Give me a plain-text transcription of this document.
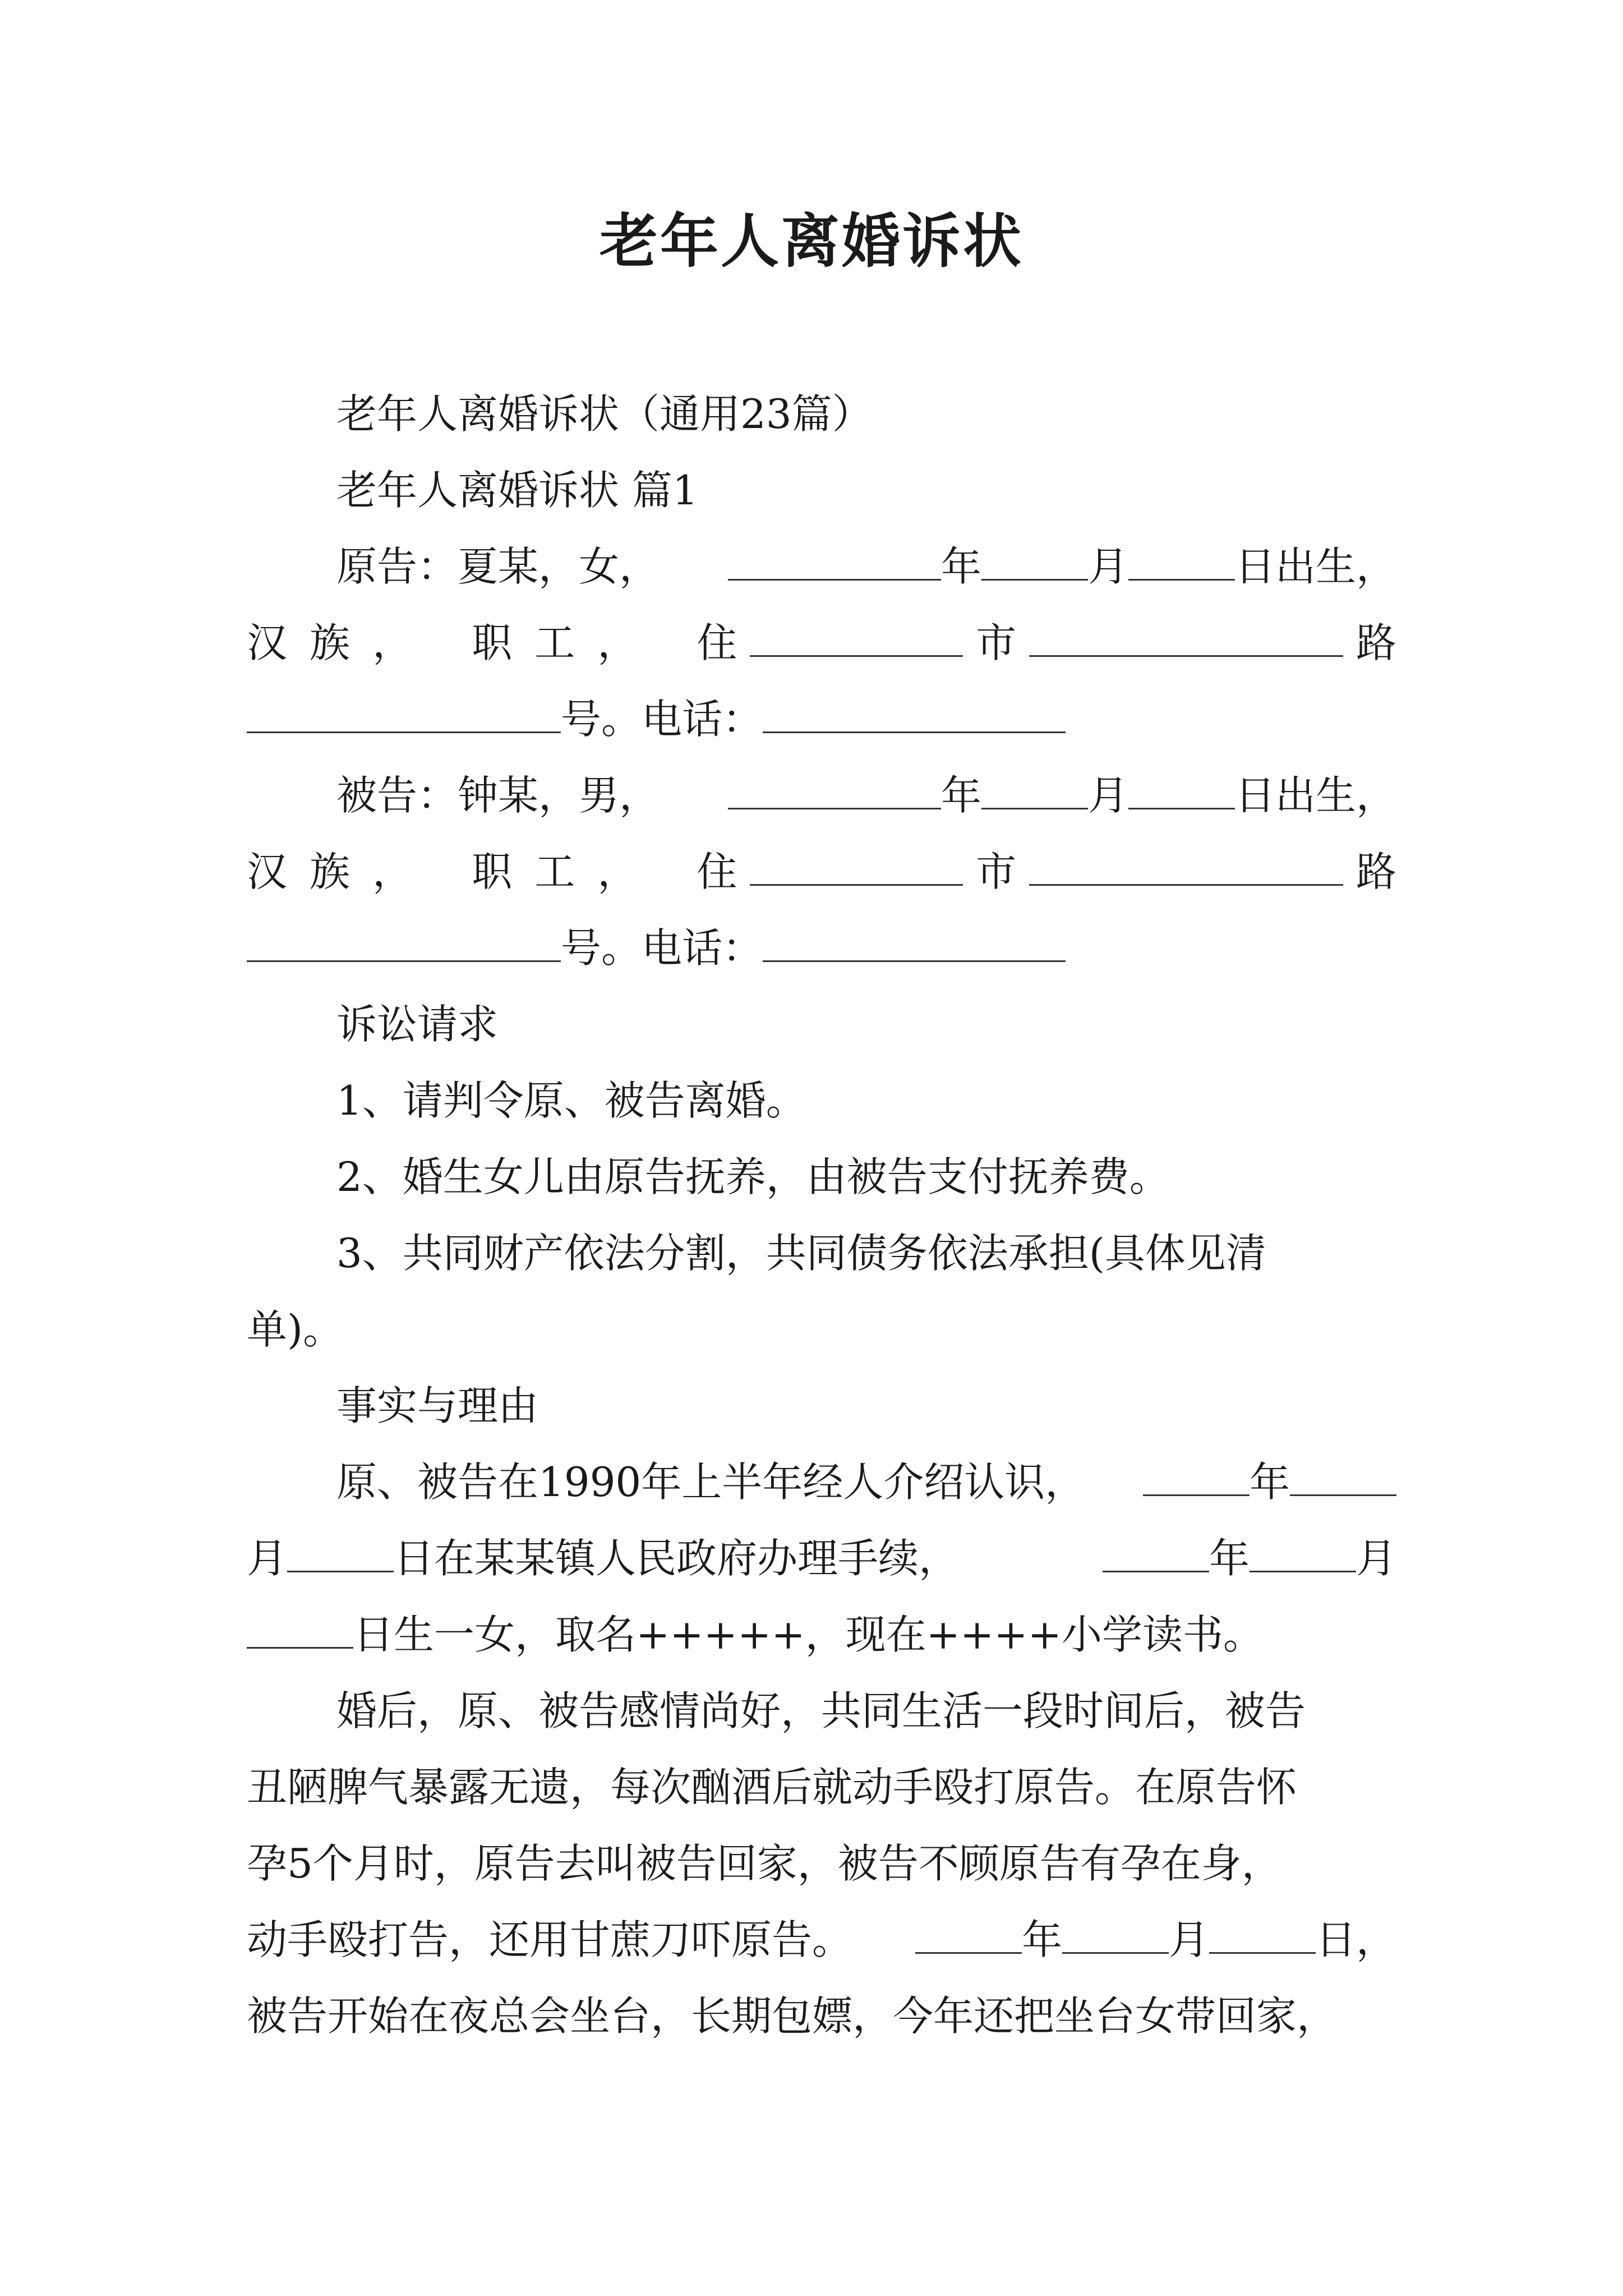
老年人离婚诉状
老年人离婚诉状（通用23篇）
老年人离婚诉状 篇1
原告：夏某，女，	年	月	日出生，
汉族， 职工， 住	市	路
号。电话：
被告：钟某，男，	年	月	日出生，
汉族， 职工， 住	市	路
号。电话：
诉讼请求
1、请判令原、被告离婚。
2、婚生女儿由原告抚养，由被告支付抚养费。
3、共同财产依法分割，共同债务依法承担(具体见清
单)。
事实与理由
原、被告在1990年上半年经人介绍认识，	年
月	日在某某镇人民政府办理手续，	年	月
日生一女，取名+++++，现在++++小学读书。
婚后，原、被告感情尚好，共同生活一段时间后，被告
丑陋脾气暴露无遗，每次酗酒后就动手殴打原告。在原告怀
孕5个月时，原告去叫被告回家，被告不顾原告有孕在身，
动手殴打告，还用甘蔗刀吓原告。	年	月	日，
被告开始在夜总会坐台，长期包嫖，今年还把坐台女带回家，
